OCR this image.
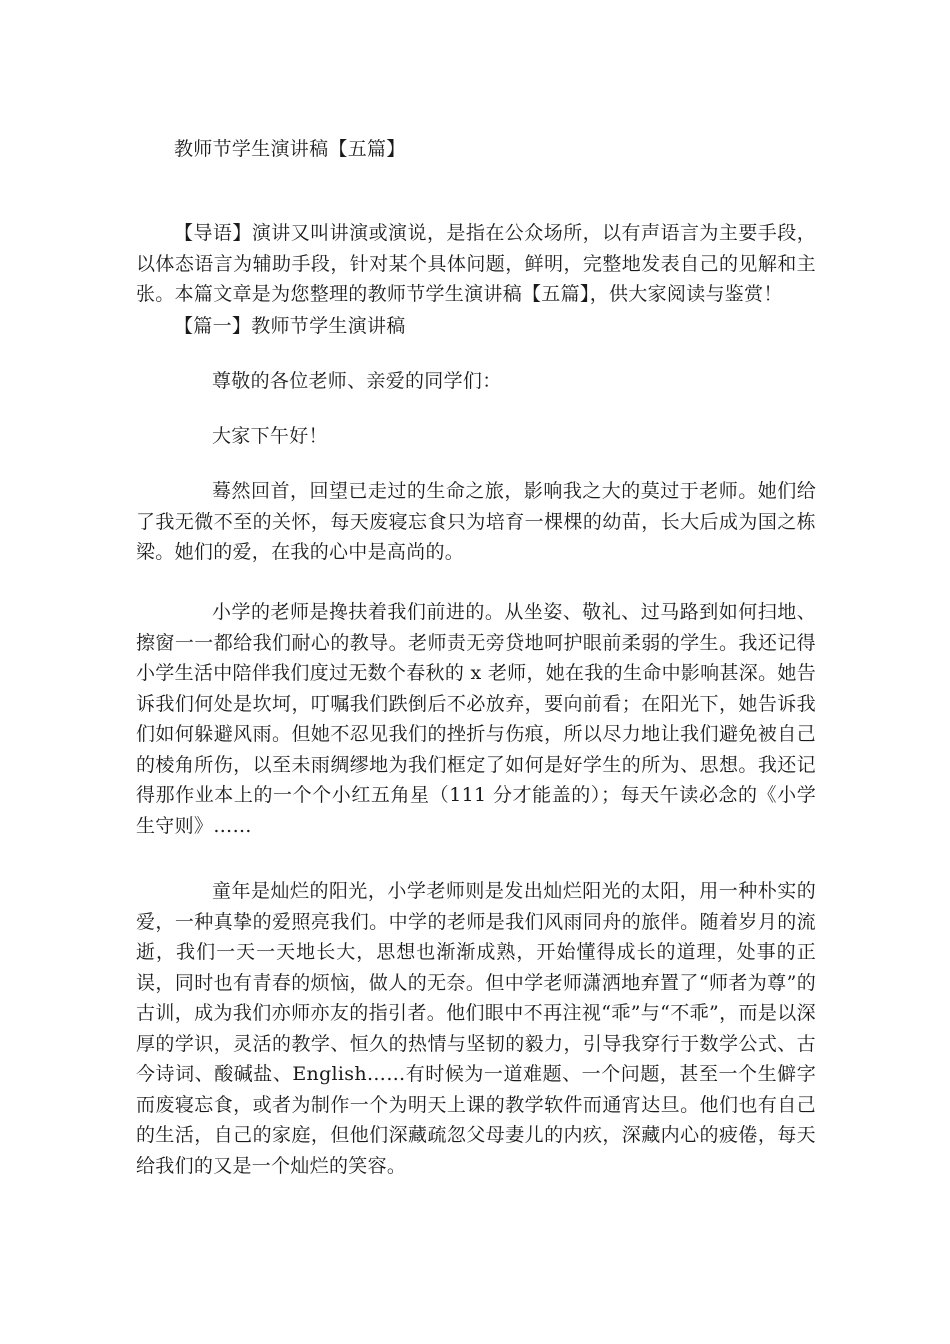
教师节学生演讲稿【五篇】

【导语】演讲又叫讲演或演说，是指在公众场所，以有声语言为主要手段，以体态语言为辅助手段，针对某个具体问题，鲜明，完整地发表自己的见解和主张。本篇文章是为您整理的教师节学生演讲稿【五篇】，供大家阅读与鉴赏！

【篇一】教师节学生演讲稿

尊敬的各位老师、亲爱的同学们：

大家下午好！

蓦然回首，回望已走过的生命之旅，影响我之大的莫过于老师。她们给了我无微不至的关怀，每天废寝忘食只为培育一棵棵的幼苗，长大后成为国之栋梁。她们的爱，在我的心中是高尚的。

小学的老师是搀扶着我们前进的。从坐姿、敬礼、过马路到如何扫地、擦窗一一都给我们耐心的教导。老师责无旁贷地呵护眼前柔弱的学生。我还记得小学生活中陪伴我们度过无数个春秋的 x 老师，她在我的生命中影响甚深。她告诉我们何处是坎坷，叮嘱我们跌倒后不必放弃，要向前看；在阳光下，她告诉我们如何躲避风雨。但她不忍见我们的挫折与伤痕，所以尽力地让我们避免被自己的棱角所伤，以至未雨绸缪地为我们框定了如何是好学生的所为、思想。我还记得那作业本上的一个个小红五角星（111 分才能盖的）；每天午读必念的《小学生守则》……

童年是灿烂的阳光，小学老师则是发出灿烂阳光的太阳，用一种朴实的爱，一种真挚的爱照亮我们。中学的老师是我们风雨同舟的旅伴。随着岁月的流逝，我们一天一天地长大，思想也渐渐成熟，开始懂得成长的道理，处事的正误，同时也有青春的烦恼，做人的无奈。但中学老师潇洒地弃置了“师者为尊”的古训，成为我们亦师亦友的指引者。他们眼中不再注视“乖”与“不乖”，而是以深厚的学识，灵活的教学、恒久的热情与坚韧的毅力，引导我穿行于数学公式、古今诗词、酸碱盐、English……有时候为一道难题、一个问题，甚至一个生僻字而废寝忘食，或者为制作一个为明天上课的教学软件而通宵达旦。他们也有自己的生活，自己的家庭，但他们深藏疏忽父母妻儿的内疚，深藏内心的疲倦，每天给我们的又是一个灿烂的笑容。
